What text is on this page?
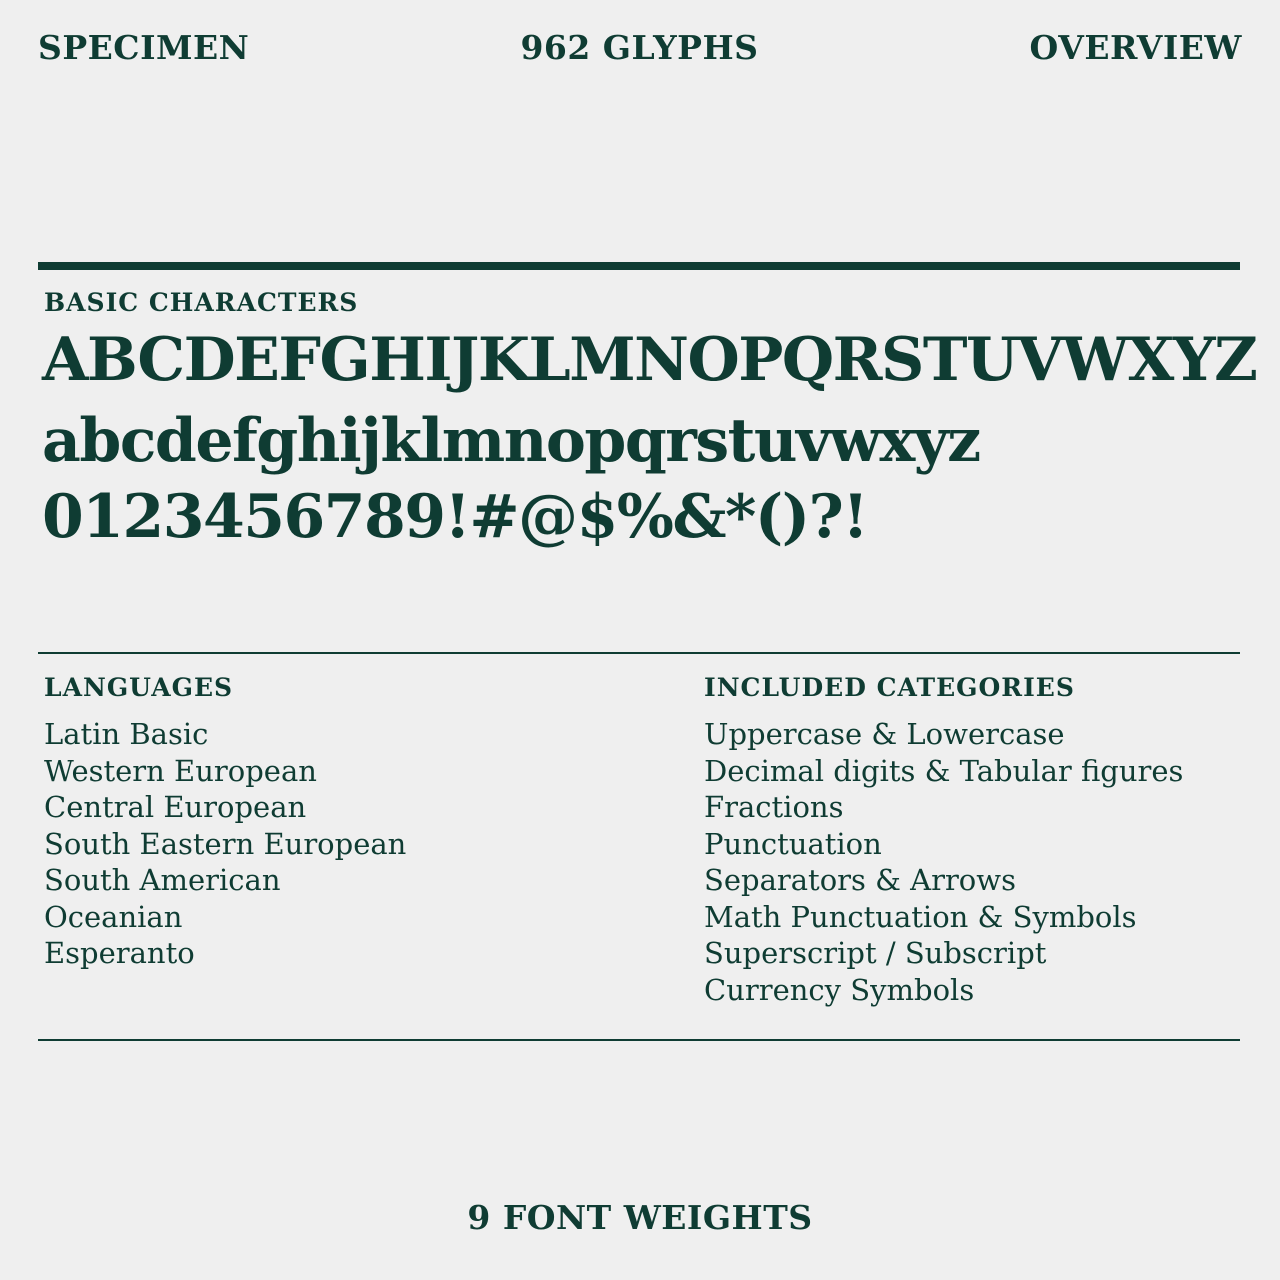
SPECIMEN	962 GLYPHS	OVERVIEW
BASIC CHARACTERS
ABCDEFGHIJKLMNOPQRSTUVWXYZ
abcdefghijklmnopqrstuvwxyz
0123456789!#@$%&*()?!
LANGUAGES
Latin Basic
Western European
Central European
South Eastern European
South American
Oceanian
Esperanto
INCLUDED CATEGORIES
Uppercase & Lowercase
Decimal digits & Tabular figures
Fractions
Punctuation
Separators & Arrows
Math Punctuation & Symbols
Superscript / Subscript
Currency Symbols
9 FONT WEIGHTS
